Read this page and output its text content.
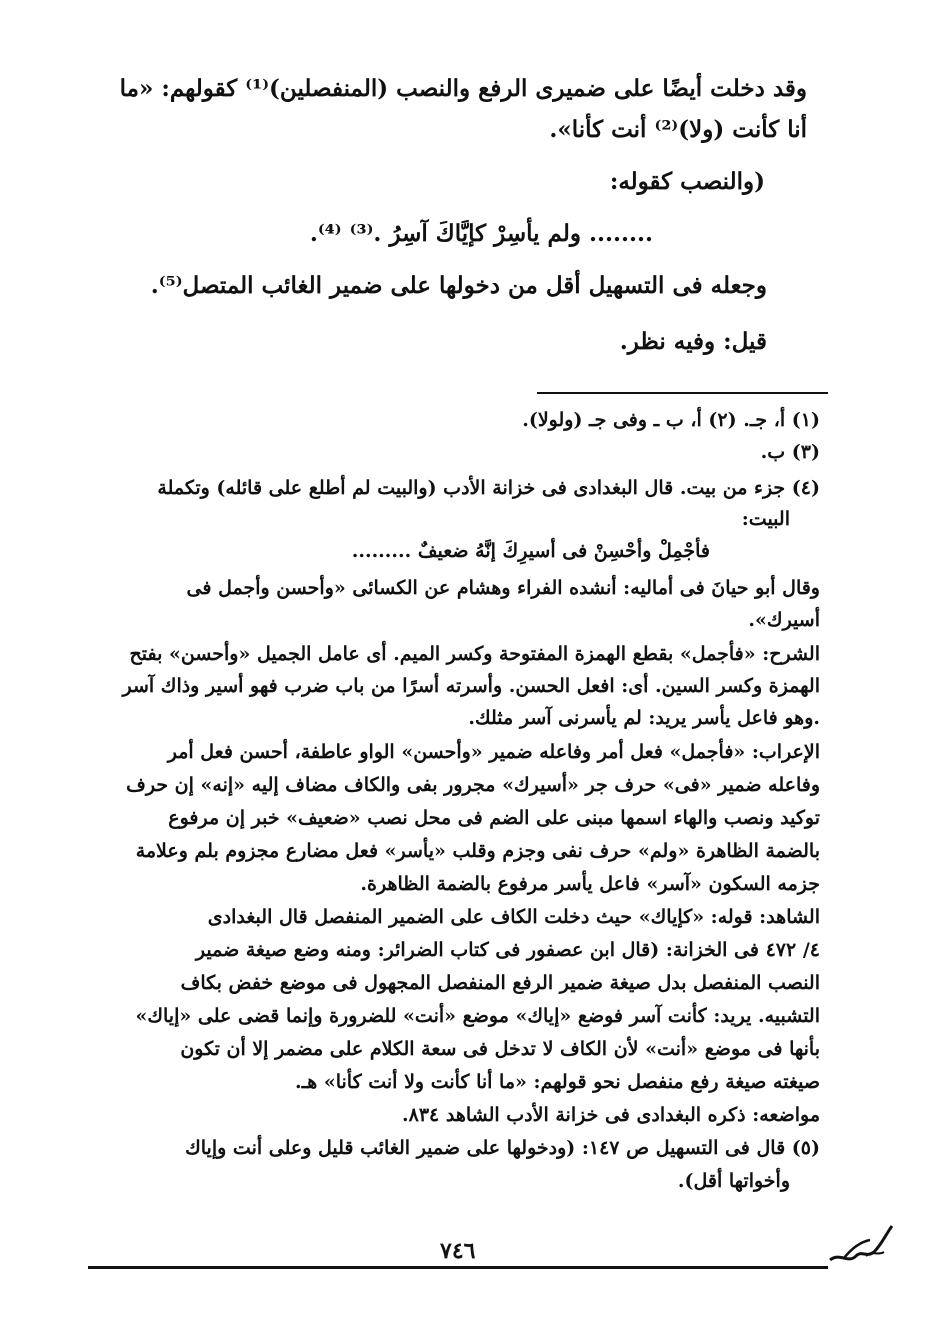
وقد دخلت أيضًا على ضميرى الرفع والنصب (المنفصلين)⁽¹⁾ كقولهم: «ما
أنا كأنت (ولا)⁽²⁾ أنت كأنا».
(والنصب كقوله:
........ ولم يأسِرْ كإيَّاكَ آسِرُ .⁽³⁾ ⁽⁴⁾.
وجعله فى التسهيل أقل من دخولها على ضمير الغائب المتصل⁽⁵⁾.
قيل: وفيه نظر.
(١) أ، جـ. (٢) أ، ب ـ وفى جـ (ولولا).
(٣) ب.
(٤) جزء من بيت. قال البغدادى فى خزانة الأدب (والبيت لم أطلع على قائله) وتكملة
البيت:
فأجْمِلْ وأحْسِنْ فى أسيرِكَ إنَّهُ ضعيفٌ .........
وقال أبو حيانَ فى أماليه: أنشده الفراء وهشام عن الكسائى «وأحسن وأجمل فى
أسيرك».
الشرح: «فأجمل» بقطع الهمزة المفتوحة وكسر الميم. أى عامل الجميل «وأحسن» بفتح
الهمزة وكسر السين. أى: افعل الحسن. وأسرته أسرًا من باب ضرب فهو أسير وذاك آسر
.وهو فاعل يأسر يريد: لم يأسرنى آسر مثلك.
الإعراب: «فأجمل» فعل أمر وفاعله ضمير «وأحسن» الواو عاطفة، أحسن فعل أمر
وفاعله ضمير «فى» حرف جر «أسيرك» مجرور بفى والكاف مضاف إليه «إنه» إن حرف
توكيد ونصب والهاء اسمها مبنى على الضم فى محل نصب «ضعيف» خبر إن مرفوع
بالضمة الظاهرة «ولم» حرف نفى وجزم وقلب «يأسر» فعل مضارع مجزوم بلم وعلامة
جزمه السكون «آسر» فاعل يأسر مرفوع بالضمة الظاهرة.
الشاهد: قوله: «كإياك» حيث دخلت الكاف على الضمير المنفصل قال البغدادى
٤/ ٤٧٢ فى الخزانة: (قال ابن عصفور فى كتاب الضرائر: ومنه وضع صيغة ضمير
النصب المنفصل بدل صيغة ضمير الرفع المنفصل المجهول فى موضع خفض بكاف
التشبيه. يريد: كأنت آسر فوضع «إياك» موضع «أنت» للضرورة وإنما قضى على «إياك»
بأنها فى موضع «أنت» لأن الكاف لا تدخل فى سعة الكلام على مضمر إلا أن تكون
صيغته صيغة رفع منفصل نحو قولهم: «ما أنا كأنت ولا أنت كأنا» هـ.
مواضعه: ذكره البغدادى فى خزانة الأدب الشاهد ٨٣٤.
(٥) قال فى التسهيل ص ١٤٧: (ودخولها على ضمير الغائب قليل وعلى أنت وإياك
وأخواتها أقل).
٧٤٦
